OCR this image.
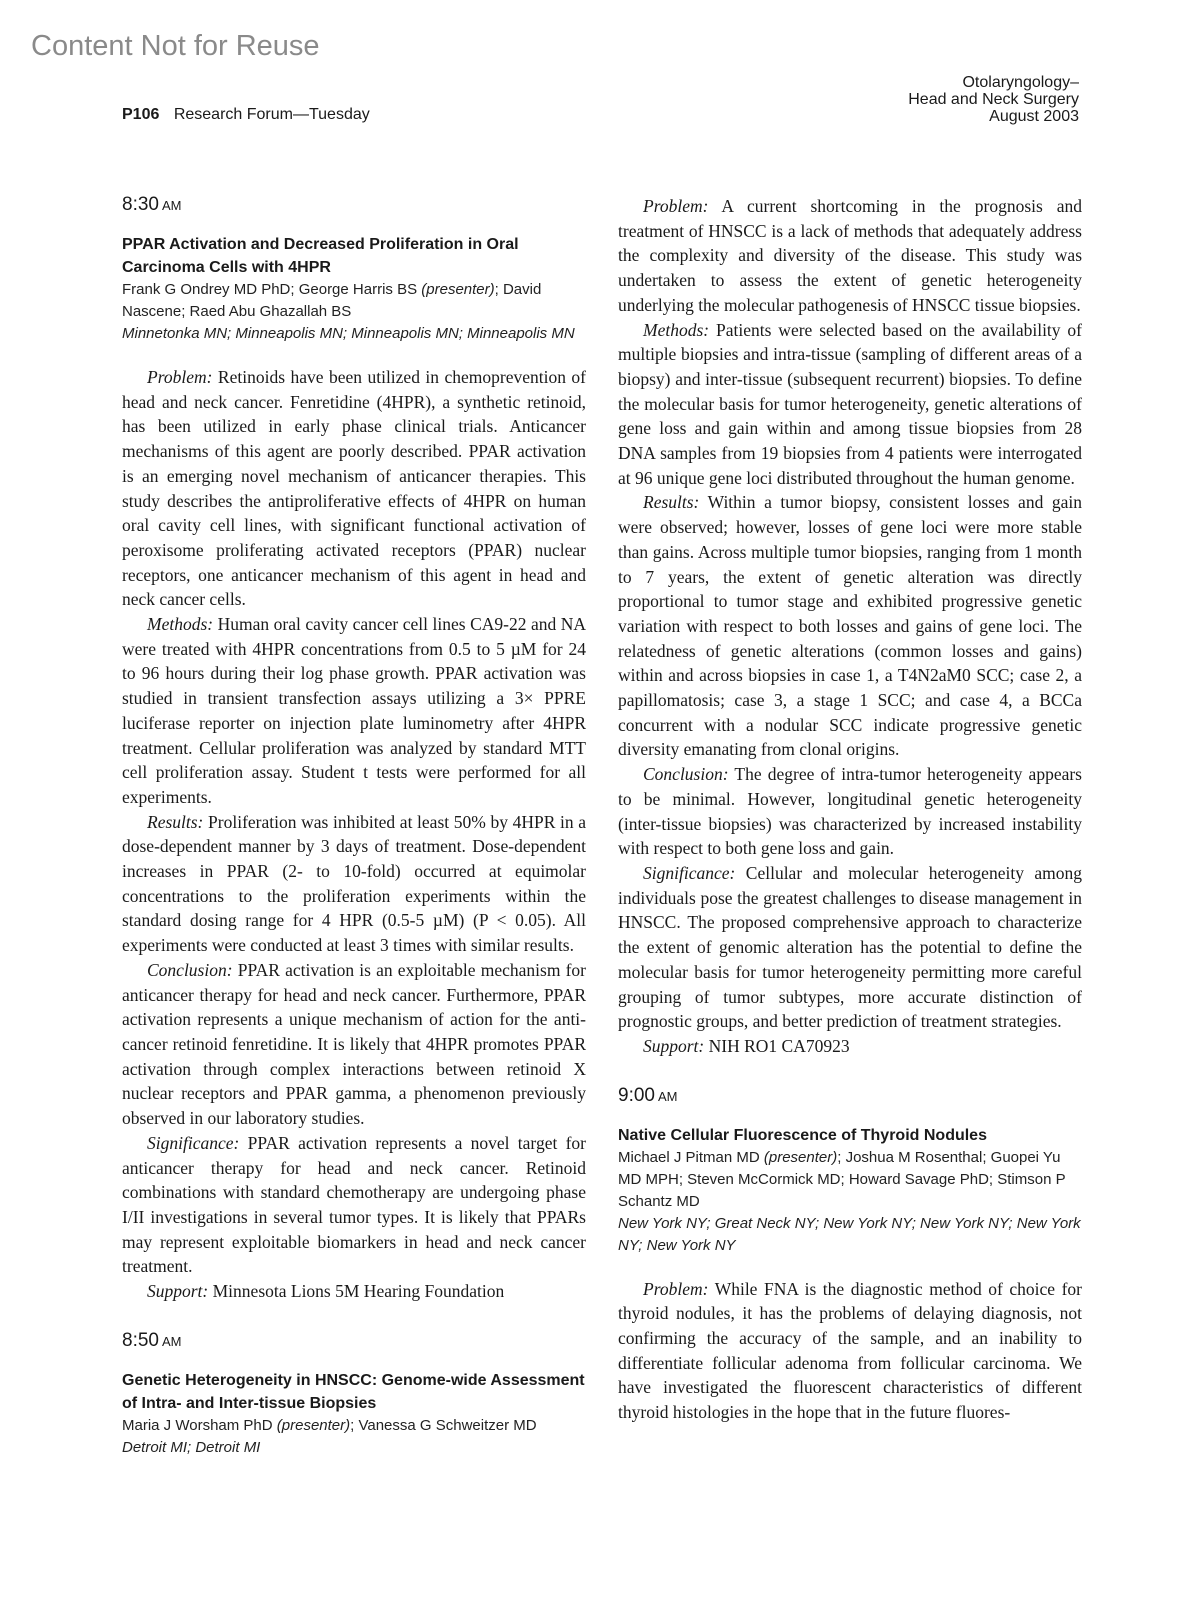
Content Not for Reuse
P106 Research Forum—Tuesday
Otolaryngology–
Head and Neck Surgery
August 2003
8:30 AM

PPAR Activation and Decreased Proliferation in Oral Carcinoma Cells with 4HPR

Frank G Ondrey MD PhD; George Harris BS (presenter); David Nascene; Raed Abu Ghazallah BS

Minnetonka MN; Minneapolis MN; Minneapolis MN; Minneapolis MN

Problem: Retinoids have been utilized in chemoprevention of head and neck cancer. Fenretidine (4HPR), a synthetic retinoid, has been utilized in early phase clinical trials. Anticancer mechanisms of this agent are poorly described. PPAR activation is an emerging novel mechanism of anticancer therapies. This study describes the antiproliferative effects of 4HPR on human oral cavity cell lines, with significant functional activation of peroxisome proliferating activated receptors (PPAR) nuclear receptors, one anticancer mechanism of this agent in head and neck cancer cells.

Methods: Human oral cavity cancer cell lines CA9-22 and NA were treated with 4HPR concentrations from 0.5 to 5 µM for 24 to 96 hours during their log phase growth. PPAR activation was studied in transient transfection assays utilizing a 3× PPRE luciferase reporter on injection plate luminometry after 4HPR treatment. Cellular proliferation was analyzed by standard MTT cell proliferation assay. Student t tests were performed for all experiments.

Results: Proliferation was inhibited at least 50% by 4HPR in a dose-dependent manner by 3 days of treatment. Dose-dependent increases in PPAR (2- to 10-fold) occurred at equimolar concentrations to the proliferation experiments within the standard dosing range for 4 HPR (0.5-5 µM) (P < 0.05). All experiments were conducted at least 3 times with similar results.

Conclusion: PPAR activation is an exploitable mechanism for anticancer therapy for head and neck cancer. Furthermore, PPAR activation represents a unique mechanism of action for the anti-cancer retinoid fenretidine. It is likely that 4HPR promotes PPAR activation through complex interactions between retinoid X nuclear receptors and PPAR gamma, a phenomenon previously observed in our laboratory studies.

Significance: PPAR activation represents a novel target for anticancer therapy for head and neck cancer. Retinoid combinations with standard chemotherapy are undergoing phase I/II investigations in several tumor types. It is likely that PPARs may represent exploitable biomarkers in head and neck cancer treatment.

Support: Minnesota Lions 5M Hearing Foundation

8:50 AM

Genetic Heterogeneity in HNSCC: Genome-wide Assessment of Intra- and Inter-tissue Biopsies

Maria J Worsham PhD (presenter); Vanessa G Schweitzer MD

Detroit MI; Detroit MI

Problem: A current shortcoming in the prognosis and treatment of HNSCC is a lack of methods that adequately address the complexity and diversity of the disease. This study was undertaken to assess the extent of genetic heterogeneity underlying the molecular pathogenesis of HNSCC tissue biopsies.

Methods: Patients were selected based on the availability of multiple biopsies and intra-tissue (sampling of different areas of a biopsy) and inter-tissue (subsequent recurrent) biopsies. To define the molecular basis for tumor heterogeneity, genetic alterations of gene loss and gain within and among tissue biopsies from 28 DNA samples from 19 biopsies from 4 patients were interrogated at 96 unique gene loci distributed throughout the human genome.

Results: Within a tumor biopsy, consistent losses and gain were observed; however, losses of gene loci were more stable than gains. Across multiple tumor biopsies, ranging from 1 month to 7 years, the extent of genetic alteration was directly proportional to tumor stage and exhibited progressive genetic variation with respect to both losses and gains of gene loci. The relatedness of genetic alterations (common losses and gains) within and across biopsies in case 1, a T4N2aM0 SCC; case 2, a papillomatosis; case 3, a stage 1 SCC; and case 4, a BCCa concurrent with a nodular SCC indicate progressive genetic diversity emanating from clonal origins.

Conclusion: The degree of intra-tumor heterogeneity appears to be minimal. However, longitudinal genetic heterogeneity (inter-tissue biopsies) was characterized by increased instability with respect to both gene loss and gain.

Significance: Cellular and molecular heterogeneity among individuals pose the greatest challenges to disease management in HNSCC. The proposed comprehensive approach to characterize the extent of genomic alteration has the potential to define the molecular basis for tumor heterogeneity permitting more careful grouping of tumor subtypes, more accurate distinction of prognostic groups, and better prediction of treatment strategies.

Support: NIH RO1 CA70923

9:00 AM

Native Cellular Fluorescence of Thyroid Nodules

Michael J Pitman MD (presenter); Joshua M Rosenthal; Guopei Yu MD MPH; Steven McCormick MD; Howard Savage PhD; Stimson P Schantz MD

New York NY; Great Neck NY; New York NY; New York NY; New York NY; New York NY

Problem: While FNA is the diagnostic method of choice for thyroid nodules, it has the problems of delaying diagnosis, not confirming the accuracy of the sample, and an inability to differentiate follicular adenoma from follicular carcinoma. We have investigated the fluorescent characteristics of different thyroid histologies in the hope that in the future fluores-
